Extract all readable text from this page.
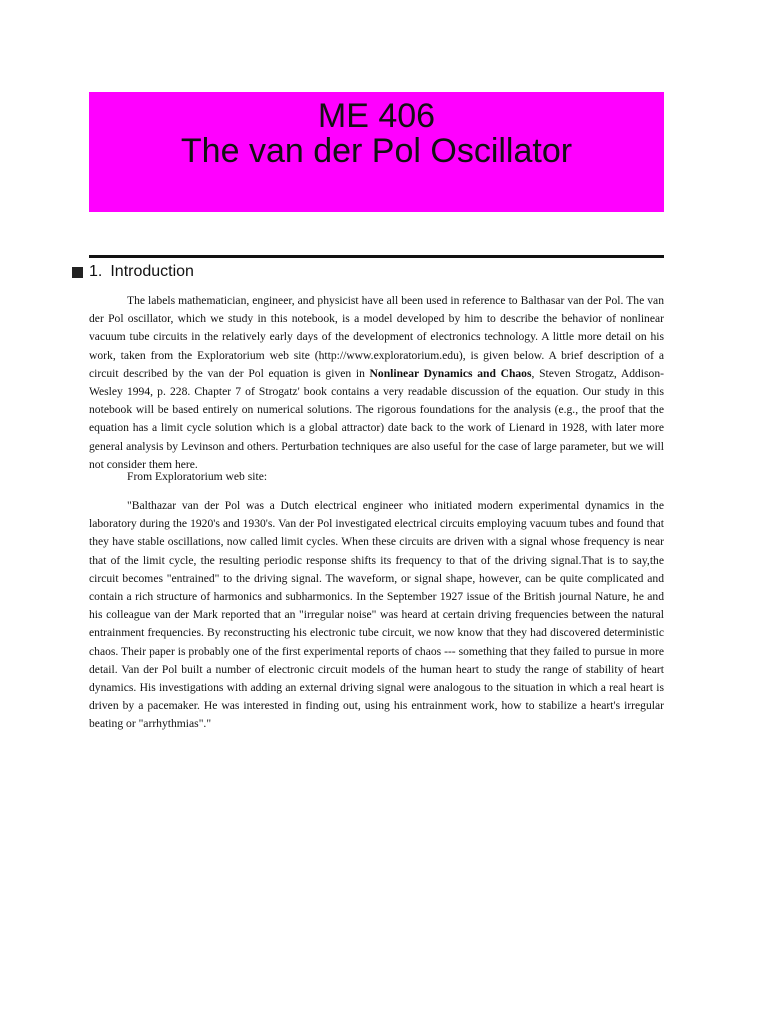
ME 406
The van der Pol Oscillator
1. Introduction

The labels mathematician, engineer, and physicist have all been used in reference to Balthasar van der Pol. The van der Pol oscillator, which we study in this notebook, is a model developed by him to describe the behavior of nonlinear vacuum tube circuits in the relatively early days of the development of electronics technology. A little more detail on his work, taken from the Exploratorium web site (http://www.exploratorium.edu), is given below. A brief description of a circuit described by the van der Pol equation is given in Nonlinear Dynamics and Chaos, Steven Strogatz, Addison-Wesley 1994, p. 228. Chapter 7 of Strogatz' book contains a very readable discussion of the equation. Our study in this notebook will be based entirely on numerical solutions. The rigorous foundations for the analysis (e.g., the proof that the equation has a limit cycle solution which is a global attractor) date back to the work of Lienard in 1928, with later more general analysis by Levinson and others. Perturbation techniques are also useful for the case of large parameter, but we will not consider them here.

From Exploratorium web site:

"Balthazar van der Pol was a Dutch electrical engineer who initiated modern experimental dynamics in the laboratory during the 1920's and 1930's. Van der Pol investigated electrical circuits employing vacuum tubes and found that they have stable oscillations, now called limit cycles. When these circuits are driven with a signal whose frequency is near that of the limit cycle, the resulting periodic response shifts its frequency to that of the driving signal.That is to say,the circuit becomes "entrained" to the driving signal. The waveform, or signal shape, however, can be quite complicated and contain a rich structure of harmonics and subharmonics. In the September 1927 issue of the British journal Nature, he and his colleague van der Mark reported that an "irregular noise" was heard at certain driving frequencies between the natural entrainment frequencies. By reconstructing his electronic tube circuit, we now know that they had discovered deterministic chaos. Their paper is probably one of the first experimental reports of chaos --- something that they failed to pursue in more detail. Van der Pol built a number of electronic circuit models of the human heart to study the range of stability of heart dynamics. His investigations with adding an external driving signal were analogous to the situation in which a real heart is driven by a pacemaker. He was interested in finding out, using his entrainment work, how to stabilize a heart's irregular beating or "arrhythmias"."
